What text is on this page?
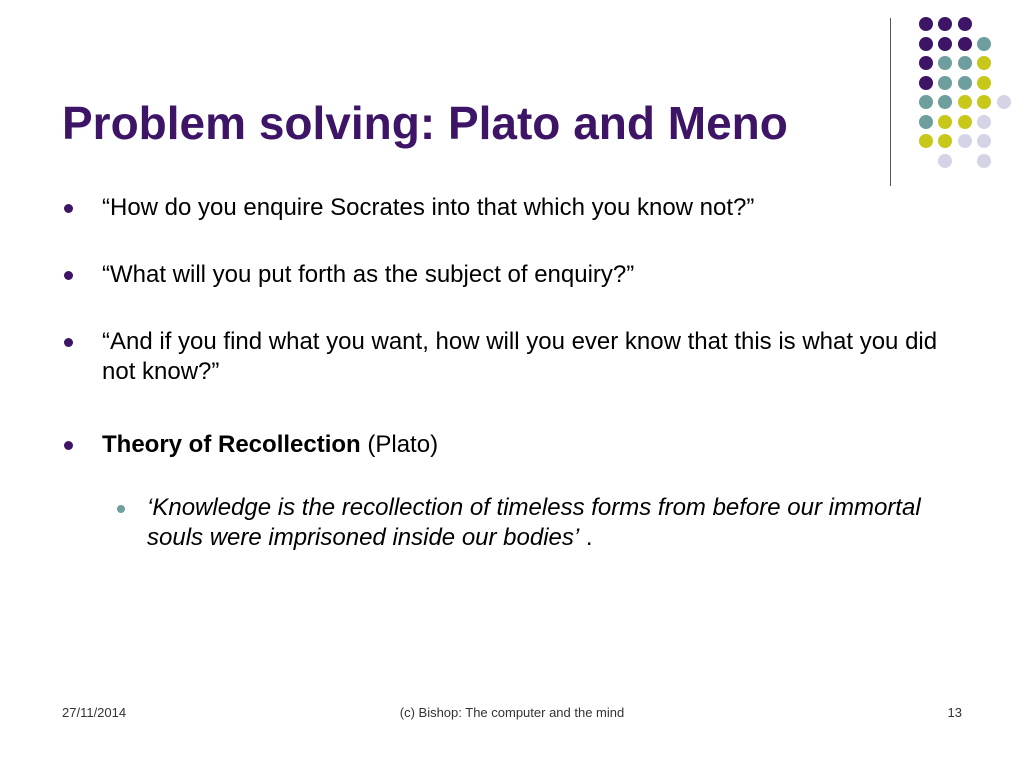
Problem solving: Plato and Meno
“How do you enquire Socrates into that which you know not?”
“What will you put forth as the subject of enquiry?”
“And if you find what you want, how will you ever know that this is what you did not know?”
Theory of Recollection (Plato)
‘Knowledge is the recollection of timeless forms from before our immortal souls were imprisoned inside our bodies’ .
27/11/2014	(c) Bishop: The computer and the mind	13
